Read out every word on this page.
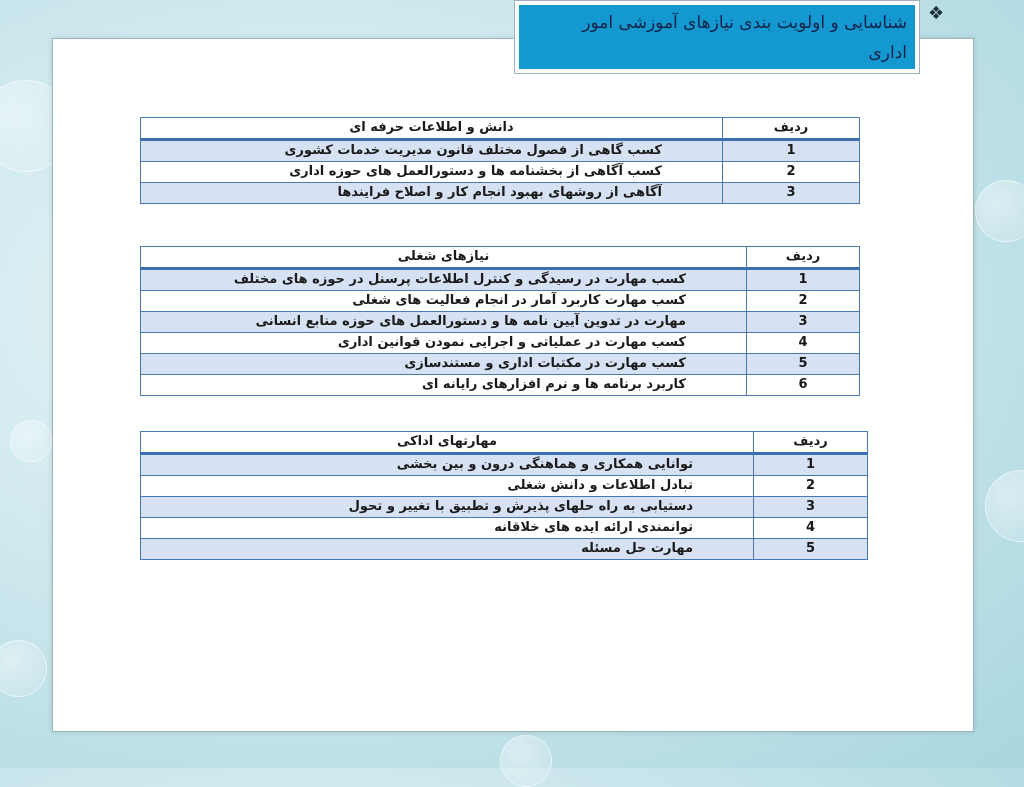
شناسایی و اولویت بندی نیازهای آموزشی امور
اداری
❖
ردیف	دانش و اطلاعات حرفه ای
1	کسب گاهی از فصول مختلف قانون مدیریت خدمات کشوری
2	کسب آگاهی از بخشنامه ها و دستورالعمل های حوزه اداری
3	آگاهی از روشهای بهبود انجام کار و اصلاح فرایندها
ردیف	نیازهای شغلی
1	کسب مهارت در رسیدگی و کنترل اطلاعات پرسنل در حوزه های مختلف
2	کسب مهارت کاربرد آمار در انجام فعالیت های شغلی
3	مهارت در تدوین آیین نامه ها و دستورالعمل های حوزه منابع انسانی
4	کسب مهارت در عملیاتی و اجرایی نمودن قوانین اداری
5	کسب مهارت در مکتبات اداری و مستندسازی
6	کاربرد برنامه ها و نرم افزارهای رایانه ای
ردیف	مهارتهای اداکی
1	توانایی همکاری و هماهنگی درون و بین بخشی
2	تبادل اطلاعات و دانش شغلی
3	دستیابی به راه حلهای پذیرش و تطبیق با تغییر و تحول
4	توانمندی ارائه ایده های خلاقانه
5	مهارت حل مسئله
